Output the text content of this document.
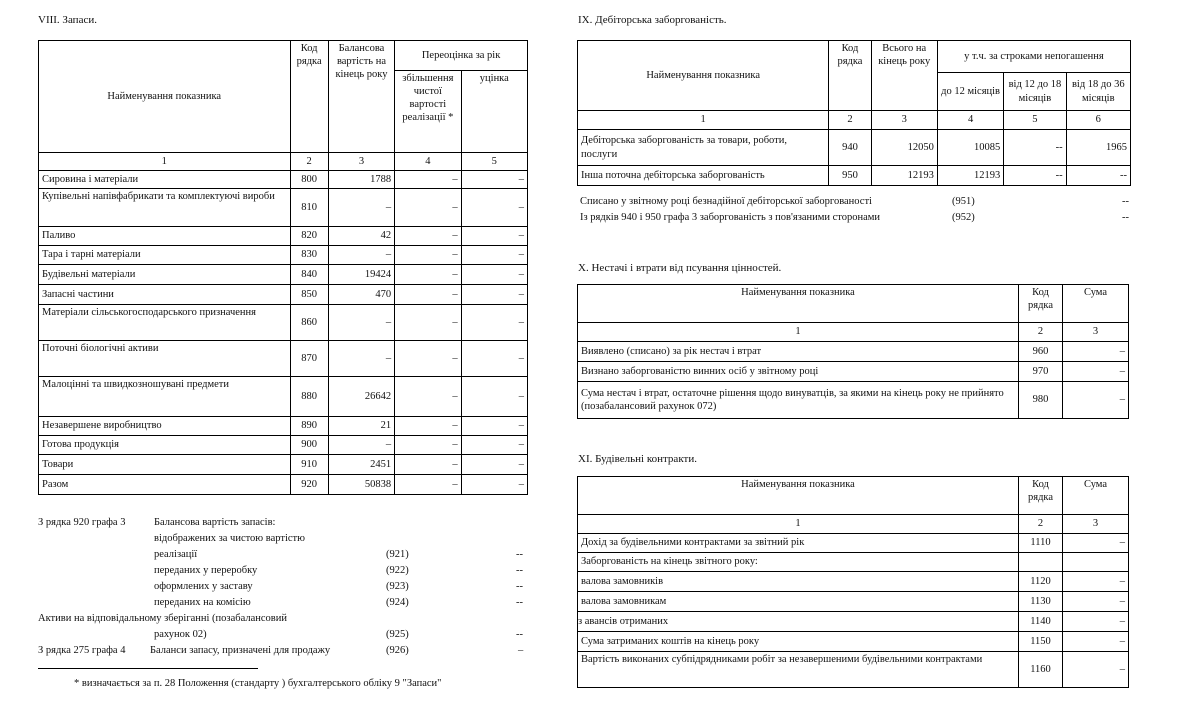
VIII. Запаси.
Найменування показника	Код рядка	Балансова вартість на кінець року	Переоцінка за рік	
			збільшення чистої вартості реалізації *	уцінка
1	2	3	4	5
Сировина і матеріали	800	1788	–	–
Купівельні напівфабрикати та комплектуючі вироби	810	–	–	–
Паливо	820	42	–	–
Тара і тарні матеріали	830	–	–	–
Будівельні матеріали	840	19424	–	–
Запасні частини	850	470	–	–
Матеріали сільськогосподарського призначення	860	–	–	–
Поточні біологічні активи	870	–	–	–
Малоцінні та швидкозношувані предмети	880	26642	–	–
Незавершене виробництво	890	21	–	–
Готова продукція	900	–	–	–
Товари	910	2451	–	–
Разом	920	50838	–	–
З рядка 920 графа 3	Балансова вартість запасів:
відображених за чистою вартістю
реалізації	(921)	--
переданих у переробку	(922)	--
оформлених у заставу	(923)	--
переданих на комісію	(924)	--
Активи на відповідальному зберіганні (позабалансовий
рахунок 02)	(925)	--
З рядка 275 графа 4 Баланси запасу, призначені для продажу	(926)	–
* визначається за п. 28 Положення (стандарту ) бухгалтерського обліку 9 "Запаси"
IX. Дебіторська заборгованість.
Найменування показника	Код рядка	Всього на кінець року	у т.ч. за строками непогашення		
			до 12 місяців	від 12 до 18 місяців	від 18 до 36 місяців
1	2	3	4	5	6
Дебіторська заборгованість за товари, роботи, послуги	940	12050	10085	--	1965
Інша поточна дебіторська заборгованість	950	12193	12193	--	--
Списано у звітному році безнадійної дебіторської заборгованості	(951)	--
Із рядків 940 і 950 графа 3 заборгованість з пов'язаними сторонами	(952)	--
X. Нестачі і втрати від псування цінностей.
Найменування показника	Код рядка	Сума
1	2	3
Виявлено (списано) за рік нестач і втрат	960	–
Визнано заборгованістю винних осіб у звітному році	970	–
Сума нестач і втрат, остаточне рішення щодо винуватців, за якими на кінець року не прийнято (позабалансовий рахунок 072)	980	–
XI. Будівельні контракти.
Найменування показника	Код рядка	Сума
1	2	3
Дохід за будівельними контрактами за звітний рік	1110	–
Заборгованість на кінець звітного року:		
валова замовників	1120	–
валова замовникам	1130	–
з авансів отриманих	1140	–
Сума затриманих коштів на кінець року	1150	–
Вартість виконаних субпідрядниками робіт за незавершеними будівельними контрактами	1160	–
